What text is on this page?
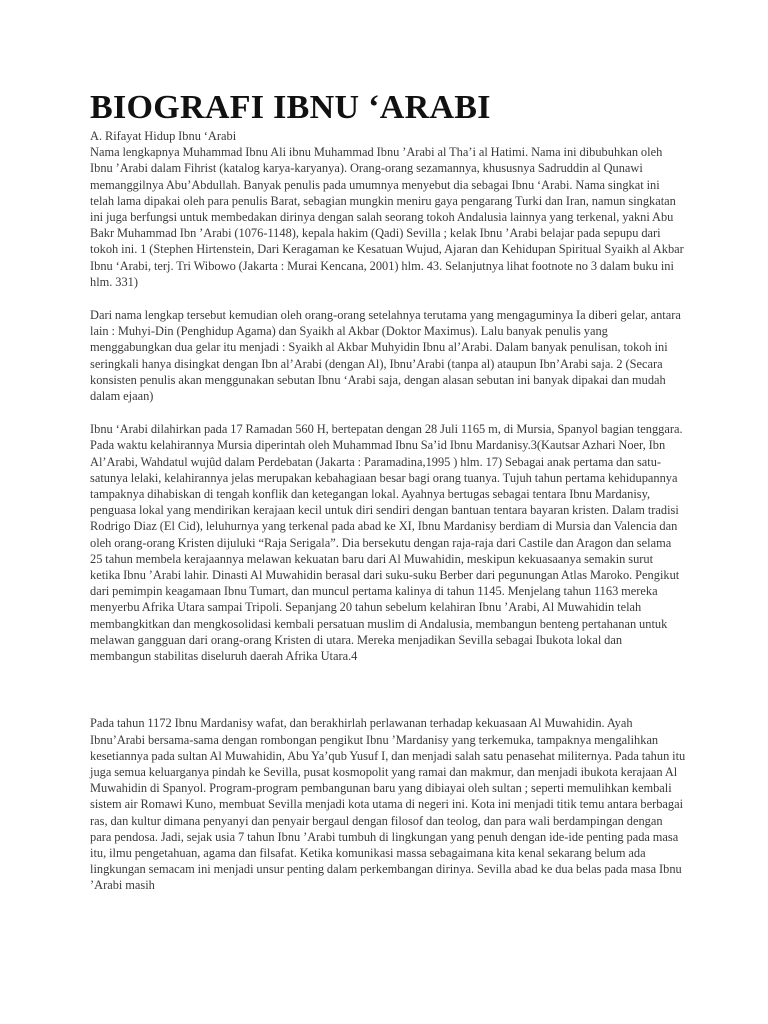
BIOGRAFI IBNU ‘ARABI

A. Rifayat Hidup Ibnu ‘Arabi

Nama lengkapnya Muhammad Ibnu Ali ibnu Muhammad Ibnu ’Arabi al Tha’i al Hatimi. Nama ini dibubuhkan oleh Ibnu ’Arabi dalam Fihrist (katalog karya-karyanya). Orang-orang sezamannya, khususnya Sadruddin al Qunawi memanggilnya Abu’Abdullah. Banyak penulis pada umumnya menyebut dia sebagai Ibnu ‘Arabi. Nama singkat ini telah lama dipakai oleh para penulis Barat, sebagian mungkin meniru gaya pengarang Turki dan Iran, namun singkatan ini juga berfungsi untuk membedakan dirinya dengan salah seorang tokoh Andalusia lainnya yang terkenal, yakni Abu Bakr Muhammad Ibn ’Arabi (1076-1148), kepala hakim (Qadi) Sevilla ; kelak Ibnu ’Arabi belajar pada sepupu dari tokoh ini. 1 (Stephen Hirtenstein, Dari Keragaman ke Kesatuan Wujud, Ajaran dan Kehidupan Spiritual Syaikh al Akbar Ibnu ‘Arabi, terj. Tri Wibowo (Jakarta : Murai Kencana, 2001) hlm. 43. Selanjutnya lihat footnote no 3 dalam buku ini hlm. 331)

Dari nama lengkap tersebut kemudian oleh orang-orang setelahnya terutama yang mengaguminya Ia diberi gelar, antara lain : Muhyi-Din (Penghidup Agama) dan Syaikh al Akbar (Doktor Maximus). Lalu banyak penulis yang menggabungkan dua gelar itu menjadi : Syaikh al Akbar Muhyidin Ibnu al’Arabi. Dalam banyak penulisan, tokoh ini seringkali hanya disingkat dengan Ibn al’Arabi (dengan Al), Ibnu’Arabi (tanpa al) ataupun Ibn’Arabi saja. 2 (Secara konsisten penulis akan menggunakan sebutan Ibnu ‘Arabi saja, dengan alasan sebutan ini banyak dipakai dan mudah dalam ejaan)

Ibnu ‘Arabi dilahirkan pada 17 Ramadan 560 H, bertepatan dengan 28 Juli 1165 m, di Mursia, Spanyol bagian tenggara. Pada waktu kelahirannya Mursia diperintah oleh Muhammad Ibnu Sa’id Ibnu Mardanisy.3(Kautsar Azhari Noer, Ibn Al’Arabi, Wahdatul wujûd dalam Perdebatan (Jakarta : Paramadina,1995 ) hlm. 17) Sebagai anak pertama dan satu-satunya lelaki, kelahirannya jelas merupakan kebahagiaan besar bagi orang tuanya. Tujuh tahun pertama kehidupannya tampaknya dihabiskan di tengah konflik dan ketegangan lokal. Ayahnya bertugas sebagai tentara Ibnu Mardanisy, penguasa lokal yang mendirikan kerajaan kecil untuk diri sendiri dengan bantuan tentara bayaran kristen. Dalam tradisi Rodrigo Diaz (El Cid), leluhurnya yang terkenal pada abad ke XI, Ibnu Mardanisy berdiam di Mursia dan Valencia dan oleh orang-orang Kristen dijuluki “Raja Serigala”. Dia bersekutu dengan raja-raja dari Castile dan Aragon dan selama 25 tahun membela kerajaannya melawan kekuatan baru dari Al Muwahidin, meskipun kekuasaanya semakin surut ketika Ibnu ’Arabi lahir. Dinasti Al Muwahidin berasal dari suku-suku Berber dari pegunungan Atlas Maroko. Pengikut dari pemimpin keagamaan Ibnu Tumart, dan muncul pertama kalinya di tahun 1145. Menjelang tahun 1163 mereka menyerbu Afrika Utara sampai Tripoli. Sepanjang 20 tahun sebelum kelahiran Ibnu ’Arabi, Al Muwahidin telah membangkitkan dan mengkosolidasi kembali persatuan muslim di Andalusia, membangun benteng pertahanan untuk melawan gangguan dari orang-orang Kristen di utara. Mereka menjadikan Sevilla sebagai Ibukota lokal dan membangun stabilitas diseluruh daerah Afrika Utara.4

Pada tahun 1172 Ibnu Mardanisy wafat, dan berakhirlah perlawanan terhadap kekuasaan Al Muwahidin. Ayah Ibnu’Arabi bersama-sama dengan rombongan pengikut Ibnu ’Mardanisy yang terkemuka, tampaknya mengalihkan kesetiannya pada sultan Al Muwahidin, Abu Ya’qub Yusuf I, dan menjadi salah satu penasehat militernya. Pada tahun itu juga semua keluarganya pindah ke Sevilla, pusat kosmopolit yang ramai dan makmur, dan menjadi ibukota kerajaan Al Muwahidin di Spanyol. Program-program pembangunan baru yang dibiayai oleh sultan ; seperti memulihkan kembali sistem air Romawi Kuno, membuat Sevilla menjadi kota utama di negeri ini. Kota ini menjadi titik temu antara berbagai ras, dan kultur dimana penyanyi dan penyair bergaul dengan filosof dan teolog, dan para wali berdampingan dengan para pendosa. Jadi, sejak usia 7 tahun Ibnu ’Arabi tumbuh di lingkungan yang penuh dengan ide-ide penting pada masa itu, ilmu pengetahuan, agama dan filsafat. Ketika komunikasi massa sebagaimana kita kenal sekarang belum ada lingkungan semacam ini menjadi unsur penting dalam perkembangan dirinya. Sevilla abad ke dua belas pada masa Ibnu ’Arabi masih
